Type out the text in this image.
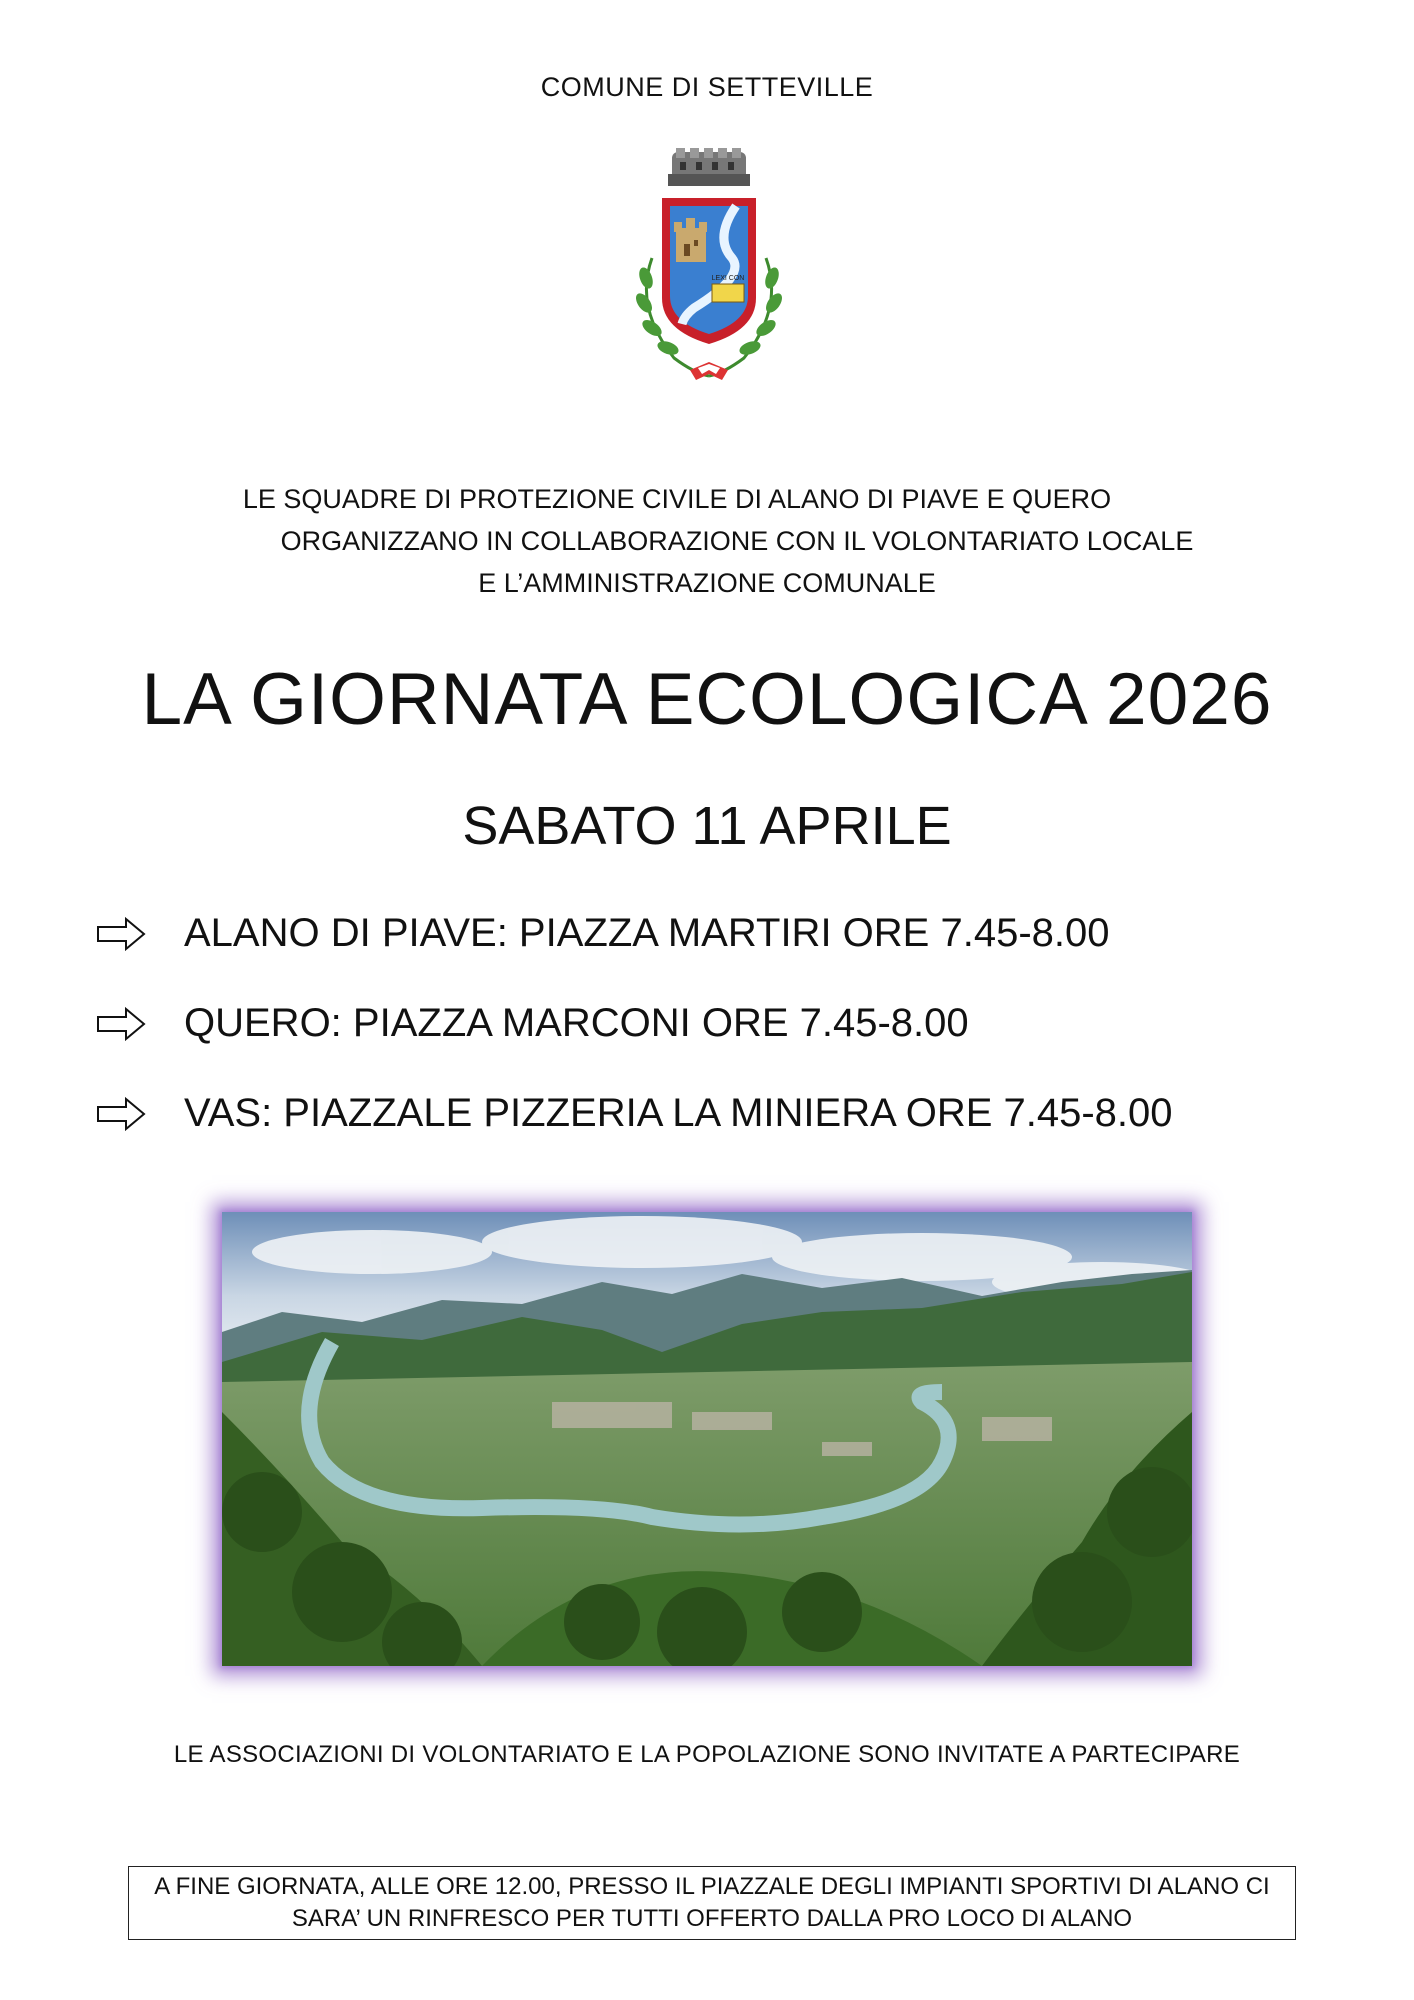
COMUNE DI SETTEVILLE
LEXI CON
LE SQUADRE DI PROTEZIONE CIVILE DI ALANO DI PIAVE E QUERO
ORGANIZZANO IN COLLABORAZIONE CON IL VOLONTARIATO LOCALE
E L’AMMINISTRAZIONE COMUNALE
LA GIORNATA ECOLOGICA 2026
SABATO 11 APRILE
ALANO DI PIAVE: PIAZZA MARTIRI ORE 7.45-8.00
QUERO: PIAZZA MARCONI ORE 7.45-8.00
VAS: PIAZZALE PIZZERIA LA MINIERA ORE 7.45-8.00
LE ASSOCIAZIONI DI VOLONTARIATO E LA POPOLAZIONE SONO INVITATE A PARTECIPARE
A FINE GIORNATA, ALLE ORE 12.00, PRESSO IL PIAZZALE DEGLI IMPIANTI SPORTIVI DI ALANO CI
SARA’ UN RINFRESCO PER TUTTI OFFERTO DALLA PRO LOCO DI ALANO
